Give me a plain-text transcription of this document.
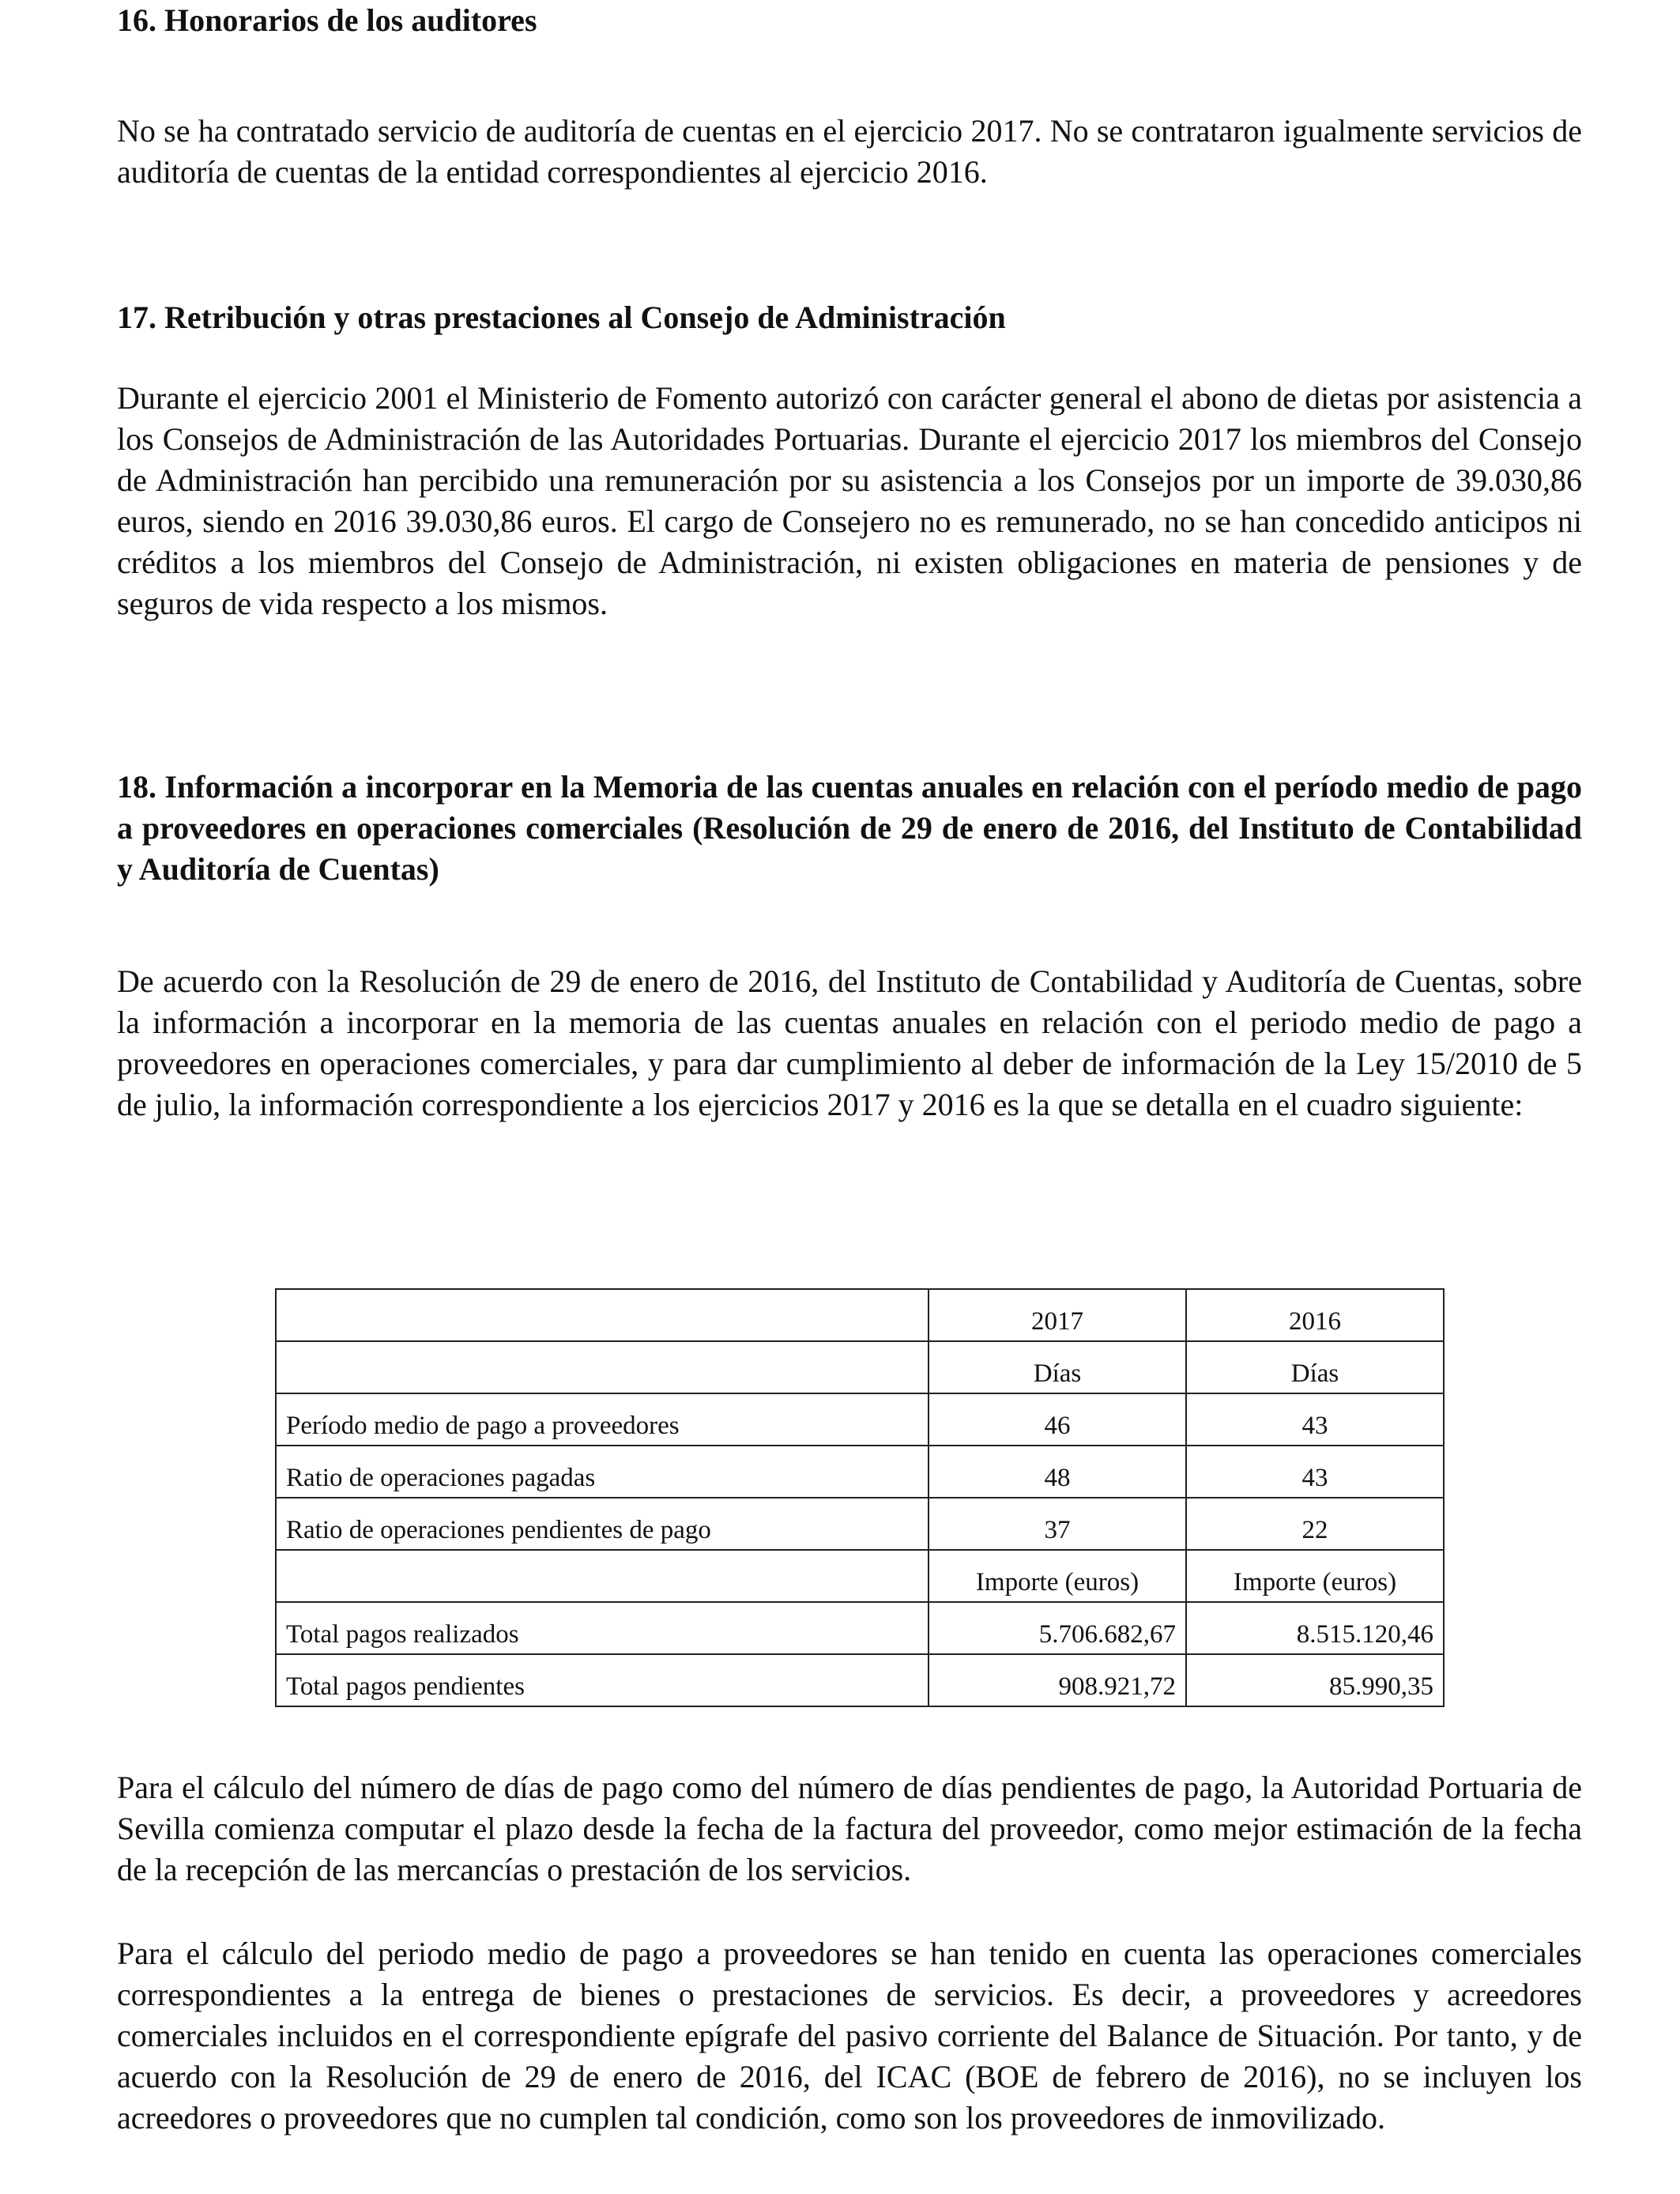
16. Honorarios de los auditores

No se ha contratado servicio de auditoría de cuentas en el ejercicio 2017. No se contrataron igualmente servicios de auditoría de cuentas de la entidad correspondientes al ejercicio 2016.

17. Retribución y otras prestaciones al Consejo de Administración

Durante el ejercicio 2001 el Ministerio de Fomento autorizó con carácter general el abono de dietas por asistencia a los Consejos de Administración de las Autoridades Portuarias. Durante el ejercicio 2017 los miembros del Consejo de Administración han percibido una remuneración por su asistencia a los Consejos por un importe de 39.030,86 euros, siendo en 2016 39.030,86 euros. El cargo de Consejero no es remunerado, no se han concedido anticipos ni créditos a los miembros del Consejo de Administración, ni existen obligaciones en materia de pensiones y de seguros de vida respecto a los mismos.

18. Información a incorporar en la Memoria de las cuentas anuales en relación con el período medio de pago a proveedores en operaciones comerciales (Resolución de 29 de enero de 2016, del Instituto de Contabilidad y Auditoría de Cuentas)

De acuerdo con la Resolución de 29 de enero de 2016, del Instituto de Contabilidad y Auditoría de Cuentas, sobre la información a incorporar en la memoria de las cuentas anuales en relación con el periodo medio de pago a proveedores en operaciones comerciales, y para dar cumplimiento al deber de información de la Ley 15/2010 de 5 de julio, la información correspondiente a los ejercicios 2017 y 2016 es la que se detalla en el cuadro siguiente:

	2017	2016
	Días	Días
Período medio de pago a proveedores	46	43
Ratio de operaciones pagadas	48	43
Ratio de operaciones pendientes de pago	37	22
	Importe (euros)	Importe (euros)
Total pagos realizados	5.706.682,67	8.515.120,46
Total pagos pendientes	908.921,72	85.990,35

Para el cálculo del número de días de pago como del número de días pendientes de pago, la Autoridad Portuaria de Sevilla comienza computar el plazo desde la fecha de la factura del proveedor, como mejor estimación de la fecha de la recepción de las mercancías o prestación de los servicios.

Para el cálculo del periodo medio de pago a proveedores se han tenido en cuenta las operaciones comerciales correspondientes a la entrega de bienes o prestaciones de servicios. Es decir, a proveedores y acreedores comerciales incluidos en el correspondiente epígrafe del pasivo corriente del Balance de Situación. Por tanto, y de acuerdo con la Resolución de 29 de enero de 2016, del ICAC (BOE de febrero de 2016), no se incluyen los acreedores o proveedores que no cumplen tal condición, como son los proveedores de inmovilizado.
